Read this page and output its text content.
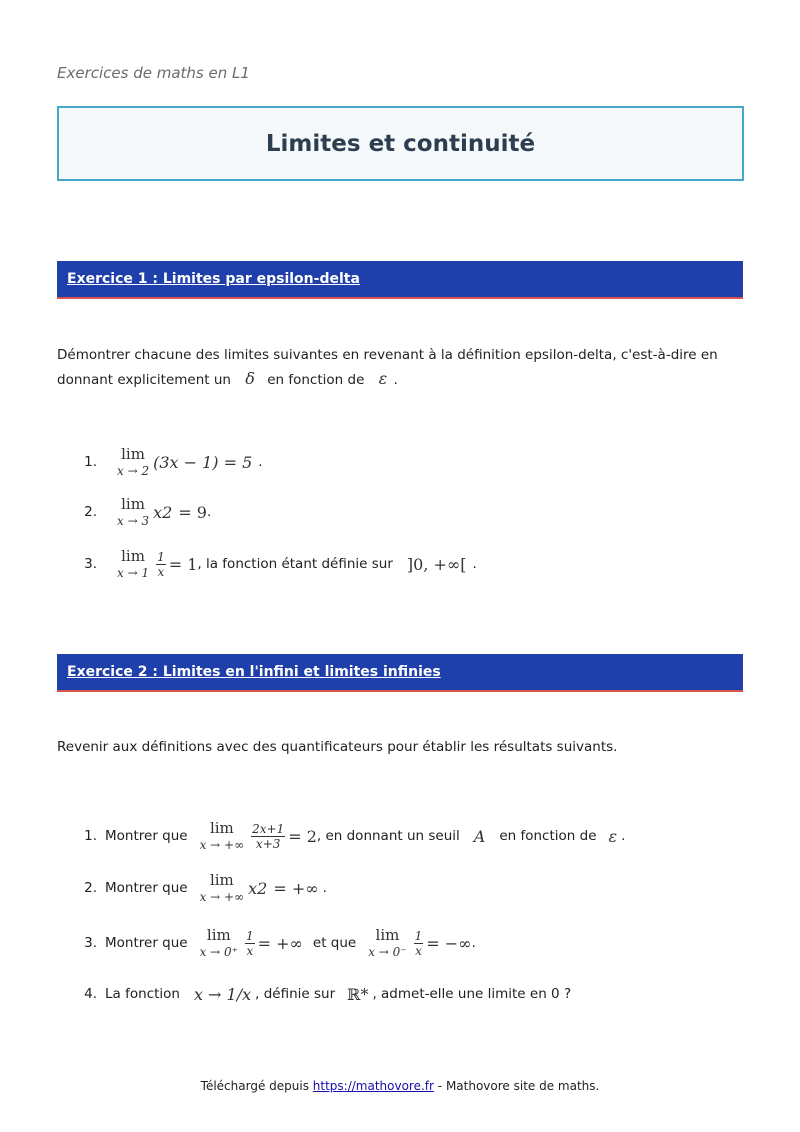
Exercices de maths en L1
Limites et continuité
Exercice 1 : Limites par epsilon-delta
Démontrer chacune des limites suivantes en revenant à la définition epsilon-delta, c'est-à-dire en donnant explicitement un δ en fonction de ε .
1.	lim
x → 2 (3x − 1) = 5 .
2.	lim
x → 3 x 2 = 9 .
3.	lim
$x \to 1 \frac{1}{x} = 1$ , la fonction étant définie sur ]0, +∞[ .
Exercice 2 : Limites en l'infini et limites infinies
Revenir aux définitions avec des quantificateurs pour établir les résultats suivants.
1. Montrer que lim
x → +∞ $\frac{2x+1}{x+3} = 2$ , en donnant un seuil A en fonction de ε .
2. Montrer que lim
x → +∞ x 2 = +∞ .
3. Montrer que lim
$x \to 0^+ \frac{1}{x}$ = +∞ et que lim
$x \to 0^- \frac{1}{x}$ = −∞ .
4. La fonction x → 1/x , définie sur ℝ* , admet-elle une limite en 0 ?
Téléchargé depuis https://mathovore.fr - Mathovore site de maths.
